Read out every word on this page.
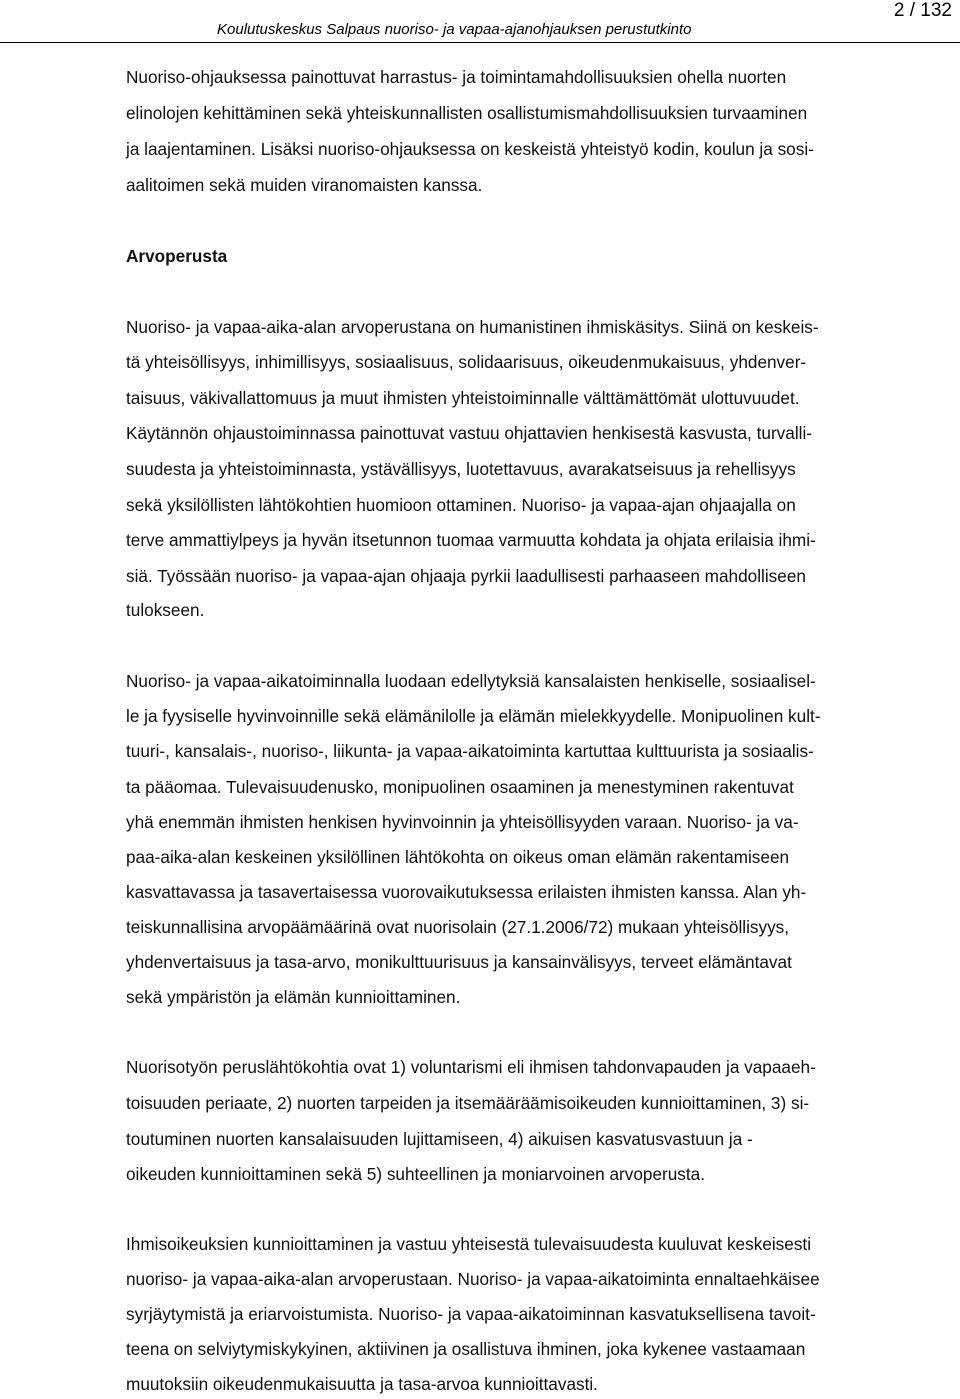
Koulutuskeskus Salpaus nuoriso- ja vapaa-ajanohjauksen perustutkinto
2 / 132
Nuoriso-ohjauksessa painottuvat harrastus- ja toimintamahdollisuuksien ohella nuorten
elinolojen kehittäminen sekä yhteiskunnallisten osallistumismahdollisuuksien turvaaminen
ja laajentaminen. Lisäksi nuoriso-ohjauksessa on keskeistä yhteistyö kodin, koulun ja sosi-
aalitoimen sekä muiden viranomaisten kanssa.
Arvoperusta
Nuoriso- ja vapaa-aika-alan arvoperustana on humanistinen ihmiskäsitys. Siinä on keskeis-
tä yhteisöllisyys, inhimillisyys, sosiaalisuus, solidaarisuus, oikeudenmukaisuus, yhdenver-
taisuus, väkivallattomuus ja muut ihmisten yhteistoiminnalle välttämättömät ulottuvuudet.
Käytännön ohjaustoiminnassa painottuvat vastuu ohjattavien henkisestä kasvusta, turvalli-
suudesta ja yhteistoiminnasta, ystävällisyys, luotettavuus, avarakatseisuus ja rehellisyys
sekä yksilöllisten lähtökohtien huomioon ottaminen. Nuoriso- ja vapaa-ajan ohjaajalla on
terve ammattiylpeys ja hyvän itsetunnon tuomaa varmuutta kohdata ja ohjata erilaisia ihmi-
siä. Työssään nuoriso- ja vapaa-ajan ohjaaja pyrkii laadullisesti parhaaseen mahdolliseen
tulokseen.
Nuoriso- ja vapaa-aikatoiminnalla luodaan edellytyksiä kansalaisten henkiselle, sosiaalisel-
le ja fyysiselle hyvinvoinnille sekä elämänilolle ja elämän mielekkyydelle. Monipuolinen kult-
tuuri-, kansalais-, nuoriso-, liikunta- ja vapaa-aikatoiminta kartuttaa kulttuurista ja sosiaalis-
ta pääomaa. Tulevaisuudenusko, monipuolinen osaaminen ja menestyminen rakentuvat
yhä enemmän ihmisten henkisen hyvinvoinnin ja yhteisöllisyyden varaan. Nuoriso- ja va-
paa-aika-alan keskeinen yksilöllinen lähtökohta on oikeus oman elämän rakentamiseen
kasvattavassa ja tasavertaisessa vuorovaikutuksessa erilaisten ihmisten kanssa. Alan yh-
teiskunnallisina arvopäämäärinä ovat nuorisolain (27.1.2006/72) mukaan yhteisöllisyys,
yhdenvertaisuus ja tasa-arvo, monikulttuurisuus ja kansainvälisyys, terveet elämäntavat
sekä ympäristön ja elämän kunnioittaminen.
Nuorisotyön peruslähtökohtia ovat 1) voluntarismi eli ihmisen tahdonvapauden ja vapaaeh-
toisuuden periaate, 2) nuorten tarpeiden ja itsemääräämisoikeuden kunnioittaminen, 3) si-
toutuminen nuorten kansalaisuuden lujittamiseen, 4) aikuisen kasvatusvastuun ja -
oikeuden kunnioittaminen sekä 5) suhteellinen ja moniarvoinen arvoperusta.
Ihmisoikeuksien kunnioittaminen ja vastuu yhteisestä tulevaisuudesta kuuluvat keskeisesti
nuoriso- ja vapaa-aika-alan arvoperustaan. Nuoriso- ja vapaa-aikatoiminta ennaltaehkäisee
syrjäytymistä ja eriarvoistumista. Nuoriso- ja vapaa-aikatoiminnan kasvatuksellisena tavoit-
teena on selviytymiskykyinen, aktiivinen ja osallistuva ihminen, joka kykenee vastaamaan
muutoksiin oikeudenmukaisuutta ja tasa-arvoa kunnioittavasti.
